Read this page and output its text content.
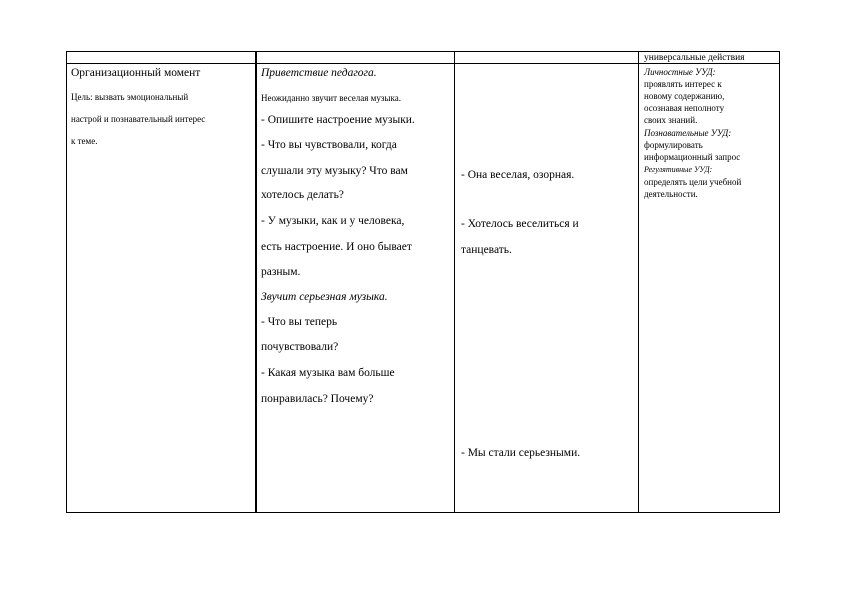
универсальные действия
Организационный момент
Цель: вызвать эмоциональный
настрой и познавательный интерес
к теме.
Приветствие педагога.
Неожиданно звучит веселая музыка.
- Опишите настроение музыки.
- Что вы чувствовали, когда
слушали эту музыку? Что вам
хотелось делать?
- У музыки, как и у человека,
есть настроение. И оно бывает
разным.
Звучит серьезная музыка.
- Что вы теперь
почувствовали?
- Какая музыка вам больше
понравилась? Почему?
- Она веселая, озорная.
- Хотелось веселиться и
танцевать.
- Мы стали серьезными.
Личностные УУД:
проявлять интерес к
новому содержанию,
осознавая неполноту
своих знаний.
Познавательные УУД:
формулировать
информационный запрос
Регулятивные УУД:
определять цели учебной
деятельности.
